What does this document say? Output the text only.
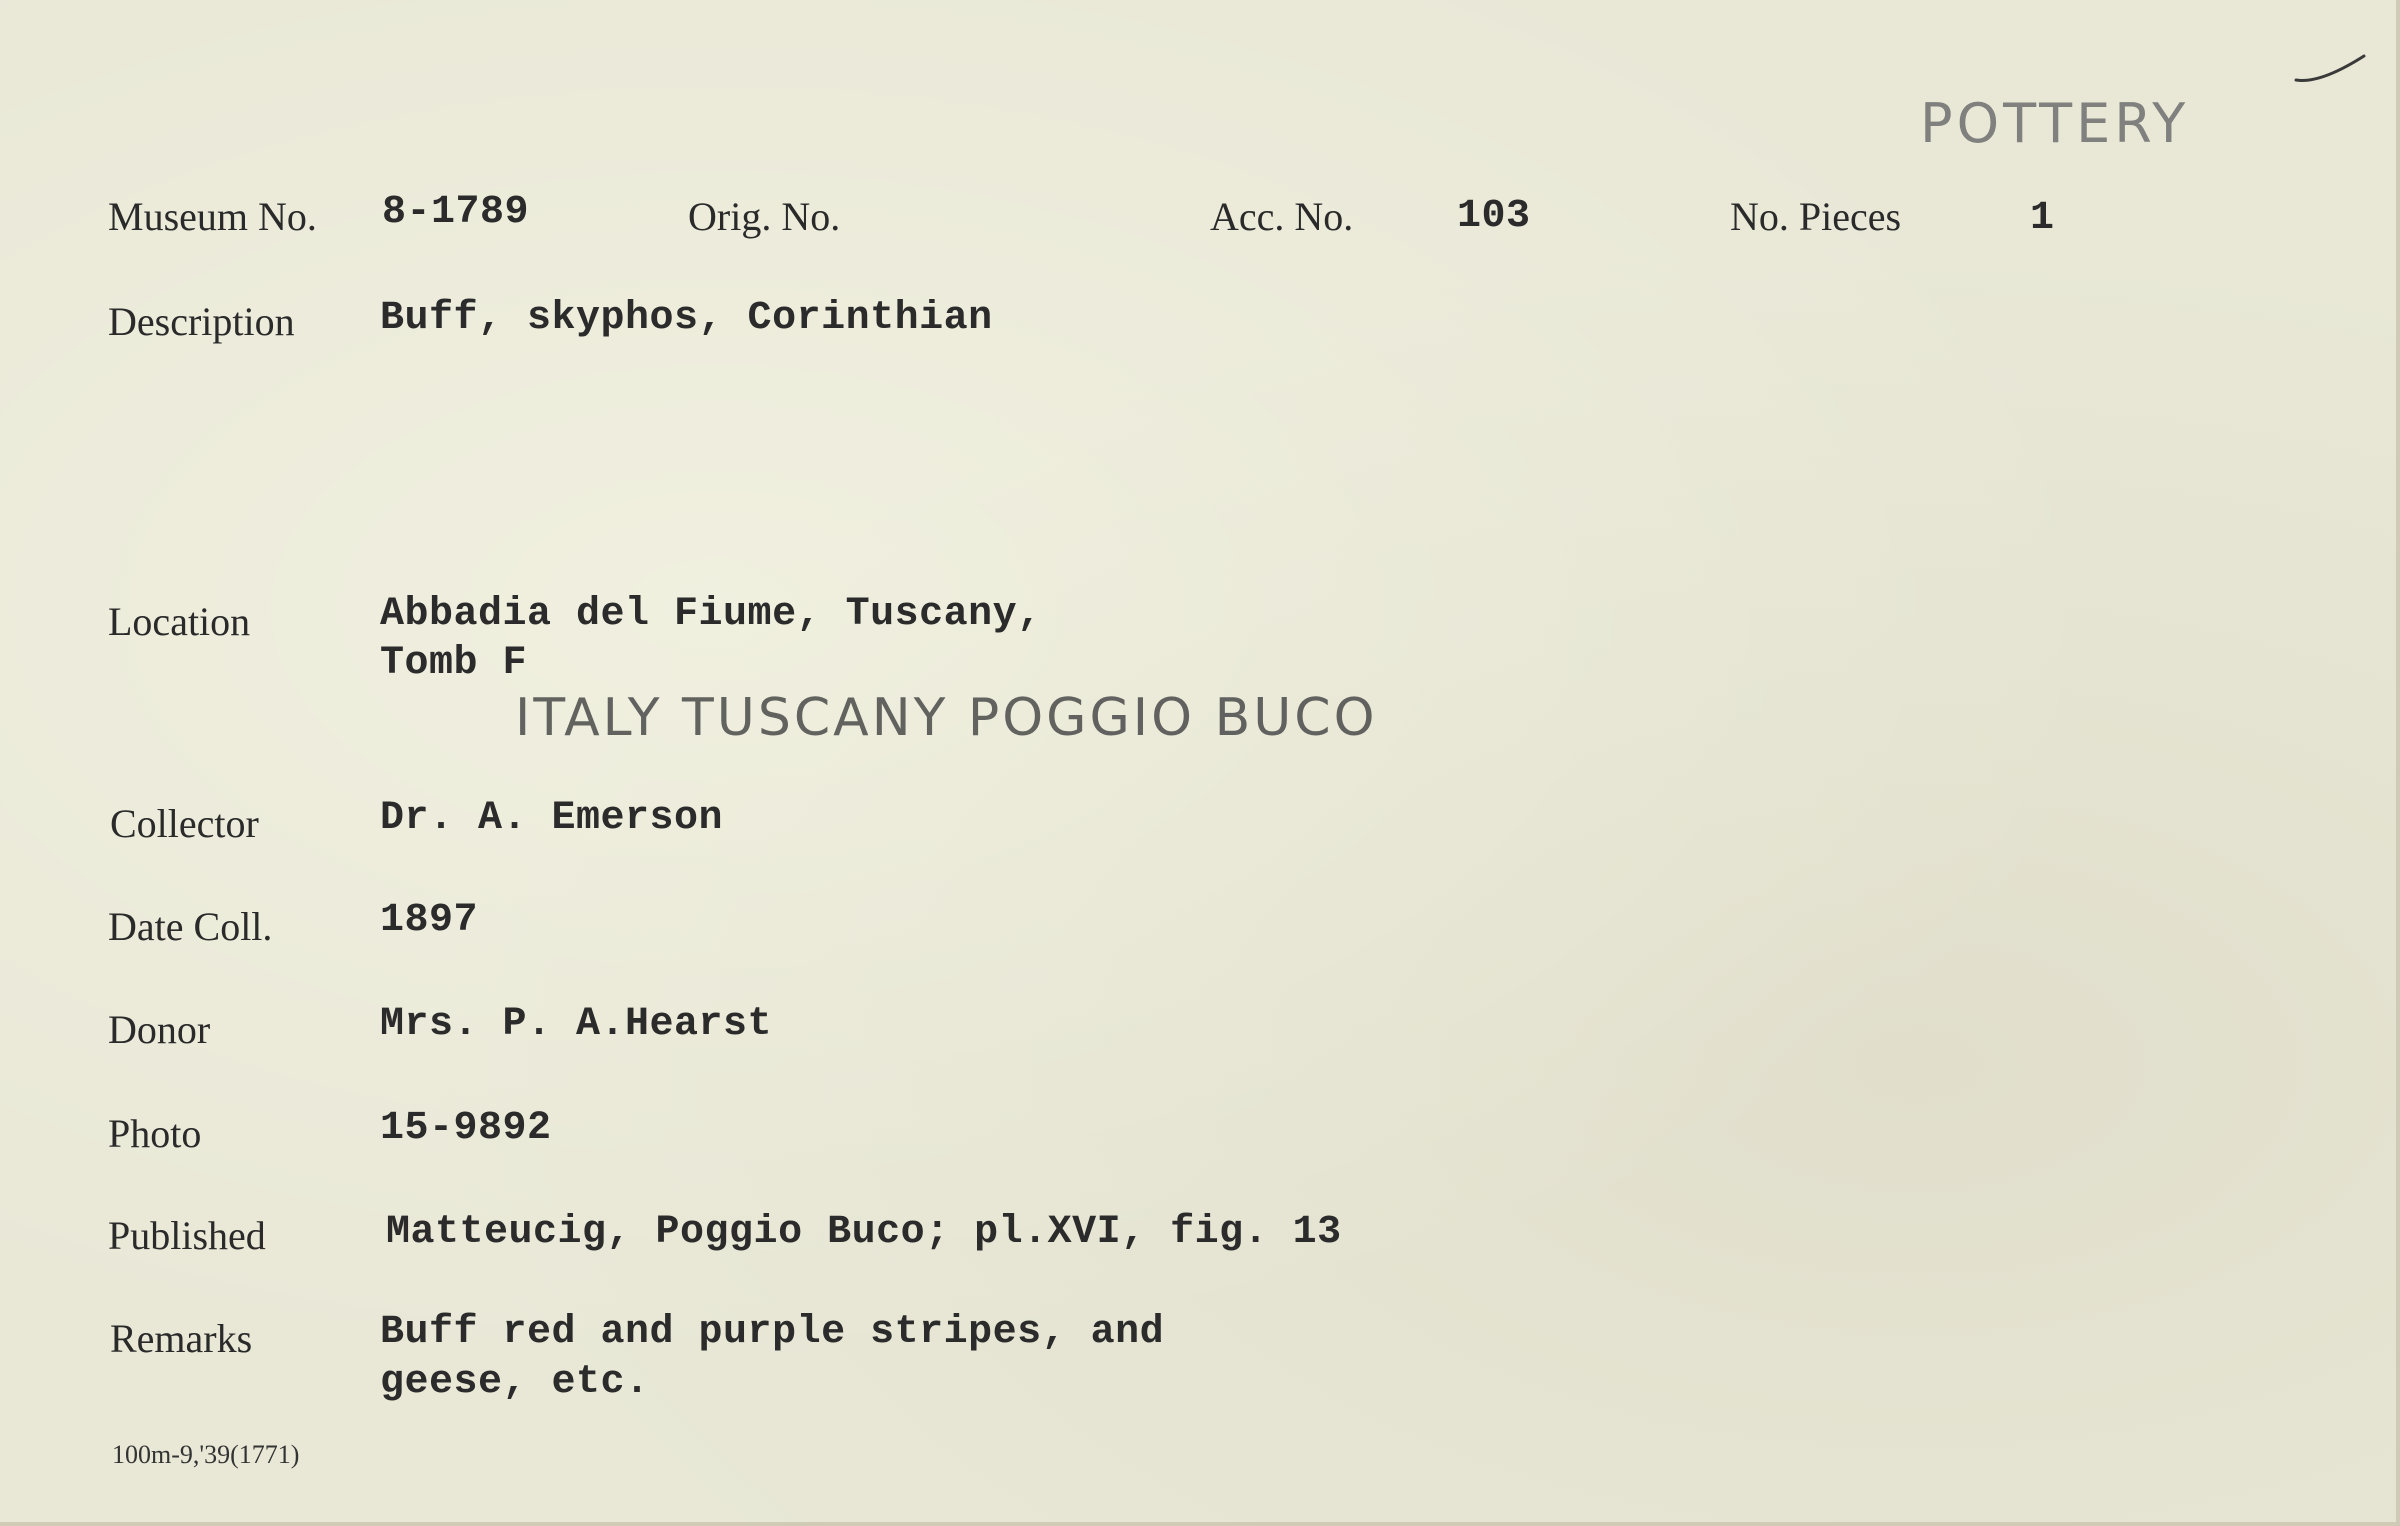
POTTERY
Museum No. 8-1789	Orig. No.	Acc. No.	103	No. Pieces	1
Description Buff, skyphos, Corinthian
Location	Abbadia del Fiume, Tuscany,
Tomb F
ITALY TUSCANY POGGIO BUCO
Collector	Dr. A. Emerson
Date Coll.	1897
Donor	Mrs. P. A.Hearst
Photo	15-9892
Published	Matteucig, Poggio Buco; pl.XVI, fig. 13
Remarks	Buff red and purple stripes, and
geese, etc.
100m-9,'39(1771)
